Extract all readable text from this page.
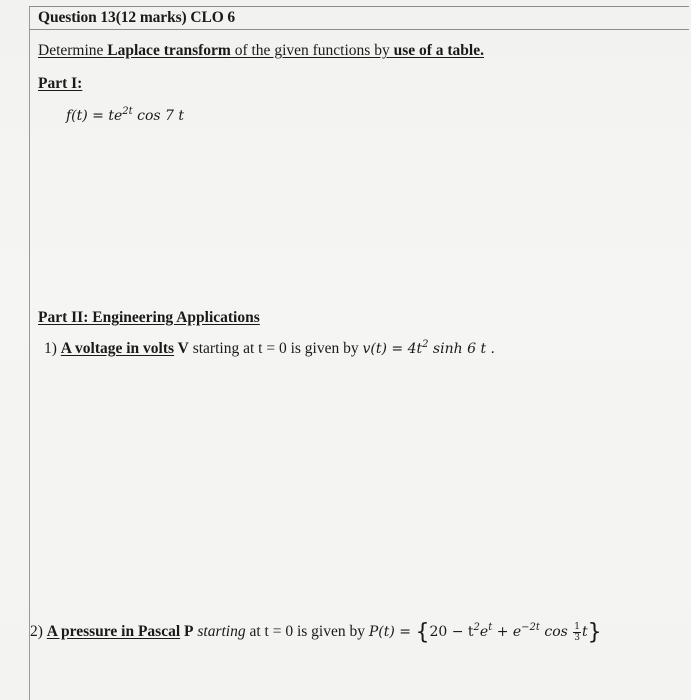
Question 13(12 marks) CLO 6
Determine Laplace transform of the given functions by use of a table.
Part I:
$f(t) = te^{2t}$ cos 7 t
Part II: Engineering Applications
1) A voltage in volts V starting at t = 0 is given by $v(t) = 4t^2$ sinh 6 t .
2) A pressure in Pascal P starting at t = 0 is given by $P(t) = \{20 - t^2e^t + e^{-2t}$ $\cos \frac{1}{3} t$}
